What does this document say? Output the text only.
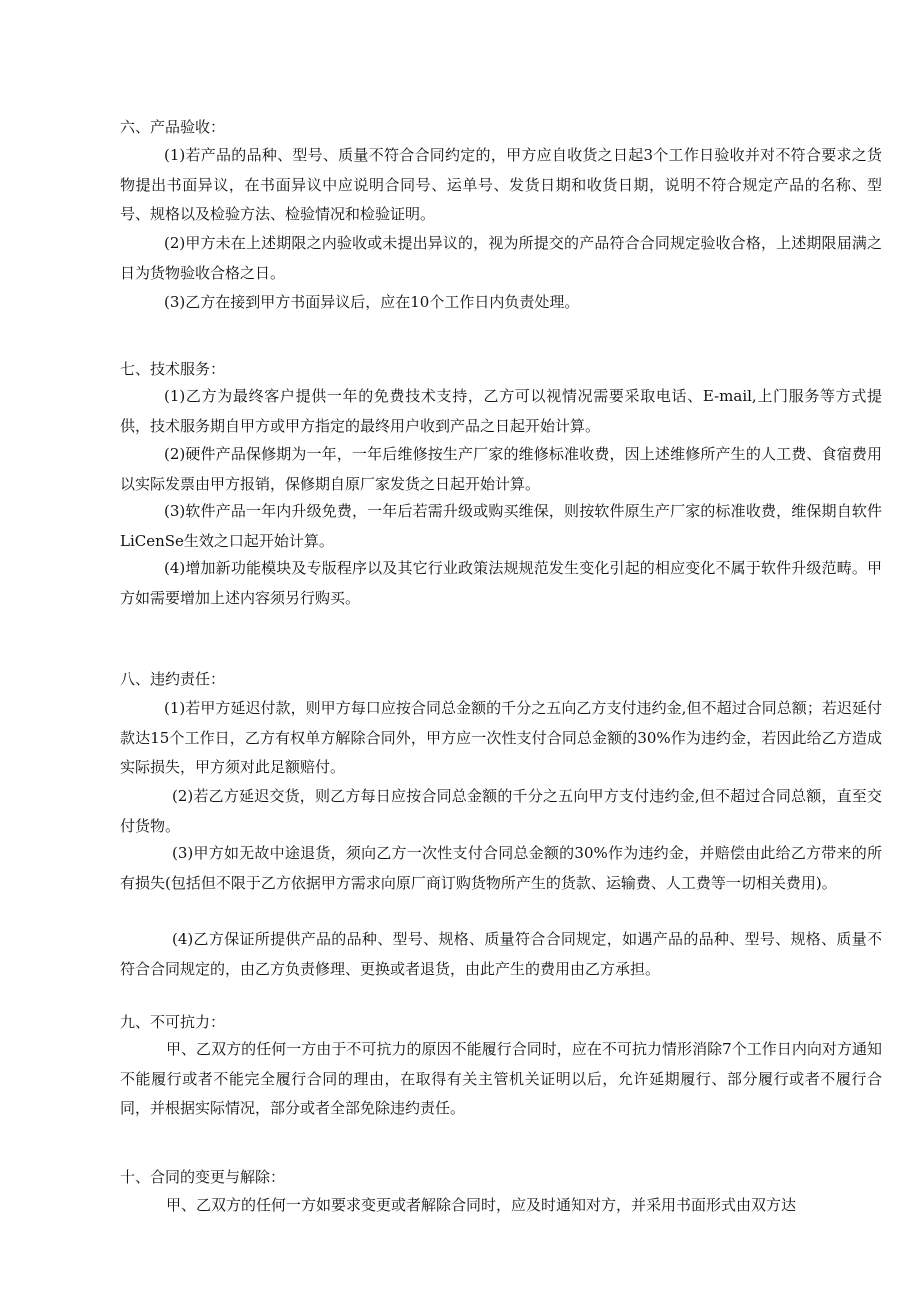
六、产品验收：

(1)若产品的品种、型号、质量不符合合同约定的，甲方应自收货之日起3个工作日验收并对不符合要求之货物提出书面异议，在书面异议中应说明合同号、运单号、发货日期和收货日期，说明不符合规定产品的名称、型号、规格以及检验方法、检验情况和检验证明。

(2)甲方未在上述期限之内验收或未提出异议的，视为所提交的产品符合合同规定验收合格，上述期限届满之日为货物验收合格之日。

(3)乙方在接到甲方书面异议后，应在10个工作日内负责处理。

七、技术服务：

(1)乙方为最终客户提供一年的免费技术支持，乙方可以视情况需要采取电话、E-mail,上门服务等方式提供，技术服务期自甲方或甲方指定的最终用户收到产品之日起开始计算。

(2)硬件产品保修期为一年，一年后维修按生产厂家的维修标准收费，因上述维修所产生的人工费、食宿费用以实际发票由甲方报销，保修期自原厂家发货之日起开始计算。

(3)软件产品一年内升级免费，一年后若需升级或购买维保，则按软件原生产厂家的标准收费，维保期自软件LiCenSe生效之口起开始计算。

(4)增加新功能模块及专版程序以及其它行业政策法规规范发生变化引起的相应变化不属于软件升级范畴。甲方如需要增加上述内容须另行购买。

八、违约责任：

(1)若甲方延迟付款，则甲方每口应按合同总金额的千分之五向乙方支付违约金,但不超过合同总额；若迟延付款达15个工作日，乙方有权单方解除合同外，甲方应一次性支付合同总金额的30%作为违约金，若因此给乙方造成实际损失，甲方须对此足额赔付。

(2)若乙方延迟交货，则乙方每日应按合同总金额的千分之五向甲方支付违约金,但不超过合同总额，直至交付货物。

(3)甲方如无故中途退货，须向乙方一次性支付合同总金额的30%作为违约金，并赔偿由此给乙方带来的所有损失(包括但不限于乙方依据甲方需求向原厂商订购货物所产生的货款、运输费、人工费等一切相关费用)。

(4)乙方保证所提供产品的品种、型号、规格、质量符合合同规定，如遇产品的品种、型号、规格、质量不符合合同规定的，由乙方负责修理、更换或者退货，由此产生的费用由乙方承担。

九、不可抗力：

甲、乙双方的任何一方由于不可抗力的原因不能履行合同时，应在不可抗力情形消除7个工作日内向对方通知不能履行或者不能完全履行合同的理由，在取得有关主管机关证明以后，允许延期履行、部分履行或者不履行合同，并根据实际情况，部分或者全部免除违约责任。

十、合同的变更与解除：

甲、乙双方的任何一方如要求变更或者解除合同时，应及时通知对方，并采用书面形式由双方达
